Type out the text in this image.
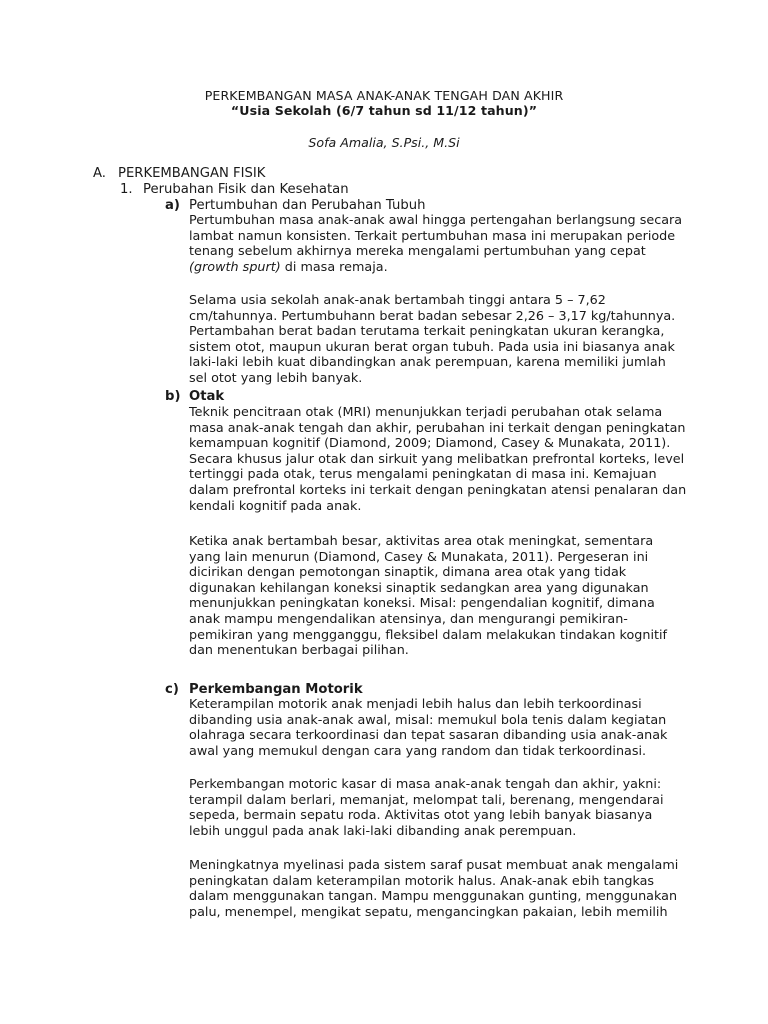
PERKEMBANGAN MASA ANAK-ANAK TENGAH DAN AKHIR
“Usia Sekolah (6/7 tahun sd 11/12 tahun)”
Sofa Amalia, S.Psi., M.Si
A. PERKEMBANGAN FISIK
1. Perubahan Fisik dan Kesehatan
a) Pertumbuhan dan Perubahan Tubuh
Pertumbuhan masa anak-anak awal hingga pertengahan berlangsung secara
lambat namun konsisten. Terkait pertumbuhan masa ini merupakan periode
tenang sebelum akhirnya mereka mengalami pertumbuhan yang cepat
(growth spurt) di masa remaja.
Selama usia sekolah anak-anak bertambah tinggi antara 5 – 7,62
cm/tahunnya. Pertumbuhann berat badan sebesar 2,26 – 3,17 kg/tahunnya.
Pertambahan berat badan terutama terkait peningkatan ukuran kerangka,
sistem otot, maupun ukuran berat organ tubuh. Pada usia ini biasanya anak
laki-laki lebih kuat dibandingkan anak perempuan, karena memiliki jumlah
sel otot yang lebih banyak.
b) Otak
Teknik pencitraan otak (MRI) menunjukkan terjadi perubahan otak selama
masa anak-anak tengah dan akhir, perubahan ini terkait dengan peningkatan
kemampuan kognitif (Diamond, 2009; Diamond, Casey & Munakata, 2011).
Secara khusus jalur otak dan sirkuit yang melibatkan prefrontal korteks, level
tertinggi pada otak, terus mengalami peningkatan di masa ini. Kemajuan
dalam prefrontal korteks ini terkait dengan peningkatan atensi penalaran dan
kendali kognitif pada anak.
Ketika anak bertambah besar, aktivitas area otak meningkat, sementara
yang lain menurun (Diamond, Casey & Munakata, 2011). Pergeseran ini
dicirikan dengan pemotongan sinaptik, dimana area otak yang tidak
digunakan kehilangan koneksi sinaptik sedangkan area yang digunakan
menunjukkan peningkatan koneksi. Misal: pengendalian kognitif, dimana
anak mampu mengendalikan atensinya, dan mengurangi pemikiran-
pemikiran yang mengganggu, fleksibel dalam melakukan tindakan kognitif
dan menentukan berbagai pilihan.
c) Perkembangan Motorik
Keterampilan motorik anak menjadi lebih halus dan lebih terkoordinasi
dibanding usia anak-anak awal, misal: memukul bola tenis dalam kegiatan
olahraga secara terkoordinasi dan tepat sasaran dibanding usia anak-anak
awal yang memukul dengan cara yang random dan tidak terkoordinasi.
Perkembangan motoric kasar di masa anak-anak tengah dan akhir, yakni:
terampil dalam berlari, memanjat, melompat tali, berenang, mengendarai
sepeda, bermain sepatu roda. Aktivitas otot yang lebih banyak biasanya
lebih unggul pada anak laki-laki dibanding anak perempuan.
Meningkatnya myelinasi pada sistem saraf pusat membuat anak mengalami
peningkatan dalam keterampilan motorik halus. Anak-anak ebih tangkas
dalam menggunakan tangan. Mampu menggunakan gunting, menggunakan
palu, menempel, mengikat sepatu, mengancingkan pakaian, lebih memilih
